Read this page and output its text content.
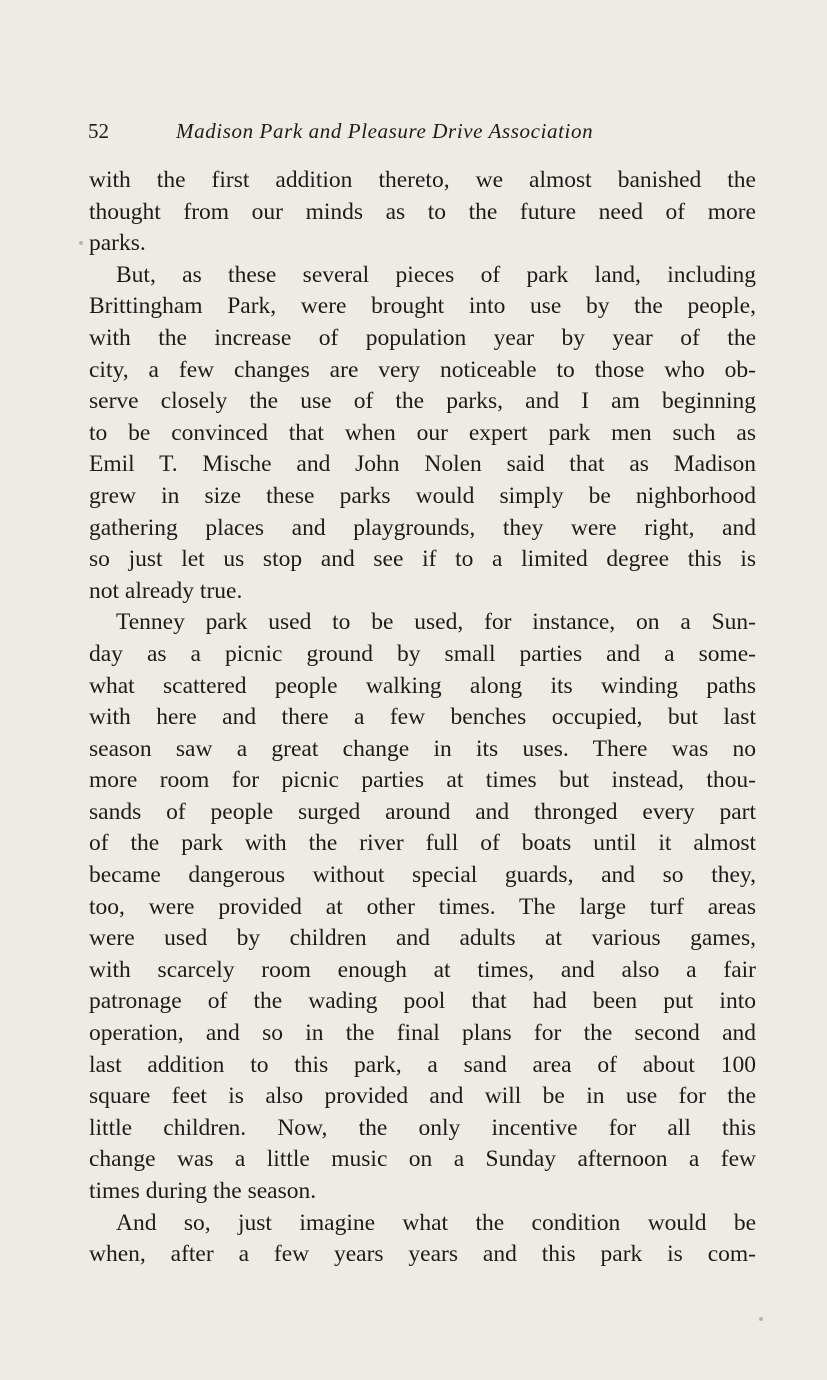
52	Madison Park and Pleasure Drive Association
with the first addition thereto, we almost banished the
thought from our minds as to the future need of more
parks.
But, as these several pieces of park land, including
Brittingham Park, were brought into use by the people,
with the increase of population year by year of the
city, a few changes are very noticeable to those who ob-
serve closely the use of the parks, and I am beginning
to be convinced that when our expert park men such as
Emil T. Mische and John Nolen said that as Madison
grew in size these parks would simply be nighborhood
gathering places and playgrounds, they were right, and
so just let us stop and see if to a limited degree this is
not already true.
Tenney park used to be used, for instance, on a Sun-
day as a picnic ground by small parties and a some-
what scattered people walking along its winding paths
with here and there a few benches occupied, but last
season saw a great change in its uses. There was no
more room for picnic parties at times but instead, thou-
sands of people surged around and thronged every part
of the park with the river full of boats until it almost
became dangerous without special guards, and so they,
too, were provided at other times. The large turf areas
were used by children and adults at various games,
with scarcely room enough at times, and also a fair
patronage of the wading pool that had been put into
operation, and so in the final plans for the second and
last addition to this park, a sand area of about 100
square feet is also provided and will be in use for the
little children. Now, the only incentive for all this
change was a little music on a Sunday afternoon a few
times during the season.
And so, just imagine what the condition would be
when, after a few years years and this park is com-
